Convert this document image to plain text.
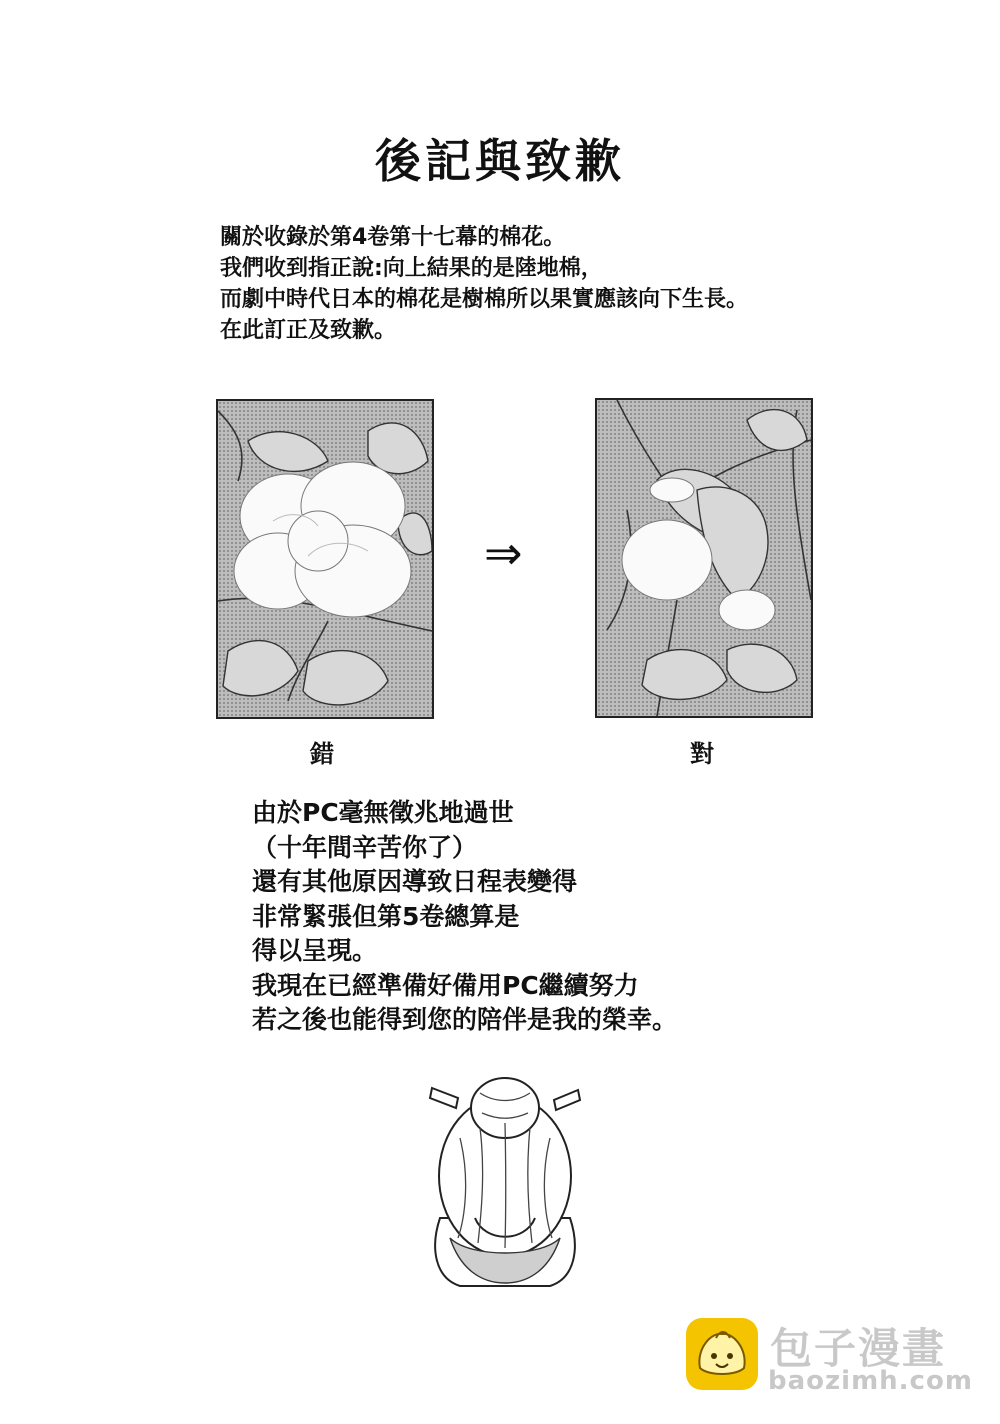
後記與致歉
關於收錄於第4卷第十七幕的棉花。
我們收到指正說:向上結果的是陸地棉，
而劇中時代日本的棉花是樹棉所以果實應該向下生長。
在此訂正及致歉。
⇒
錯	對
由於PC毫無徵兆地過世
（十年間辛苦你了）
還有其他原因導致日程表變得
非常緊張但第5卷總算是
得以呈現。
我現在已經準備好備用PC繼續努力
若之後也能得到您的陪伴是我的榮幸。
包子漫畫
baozimh.com
